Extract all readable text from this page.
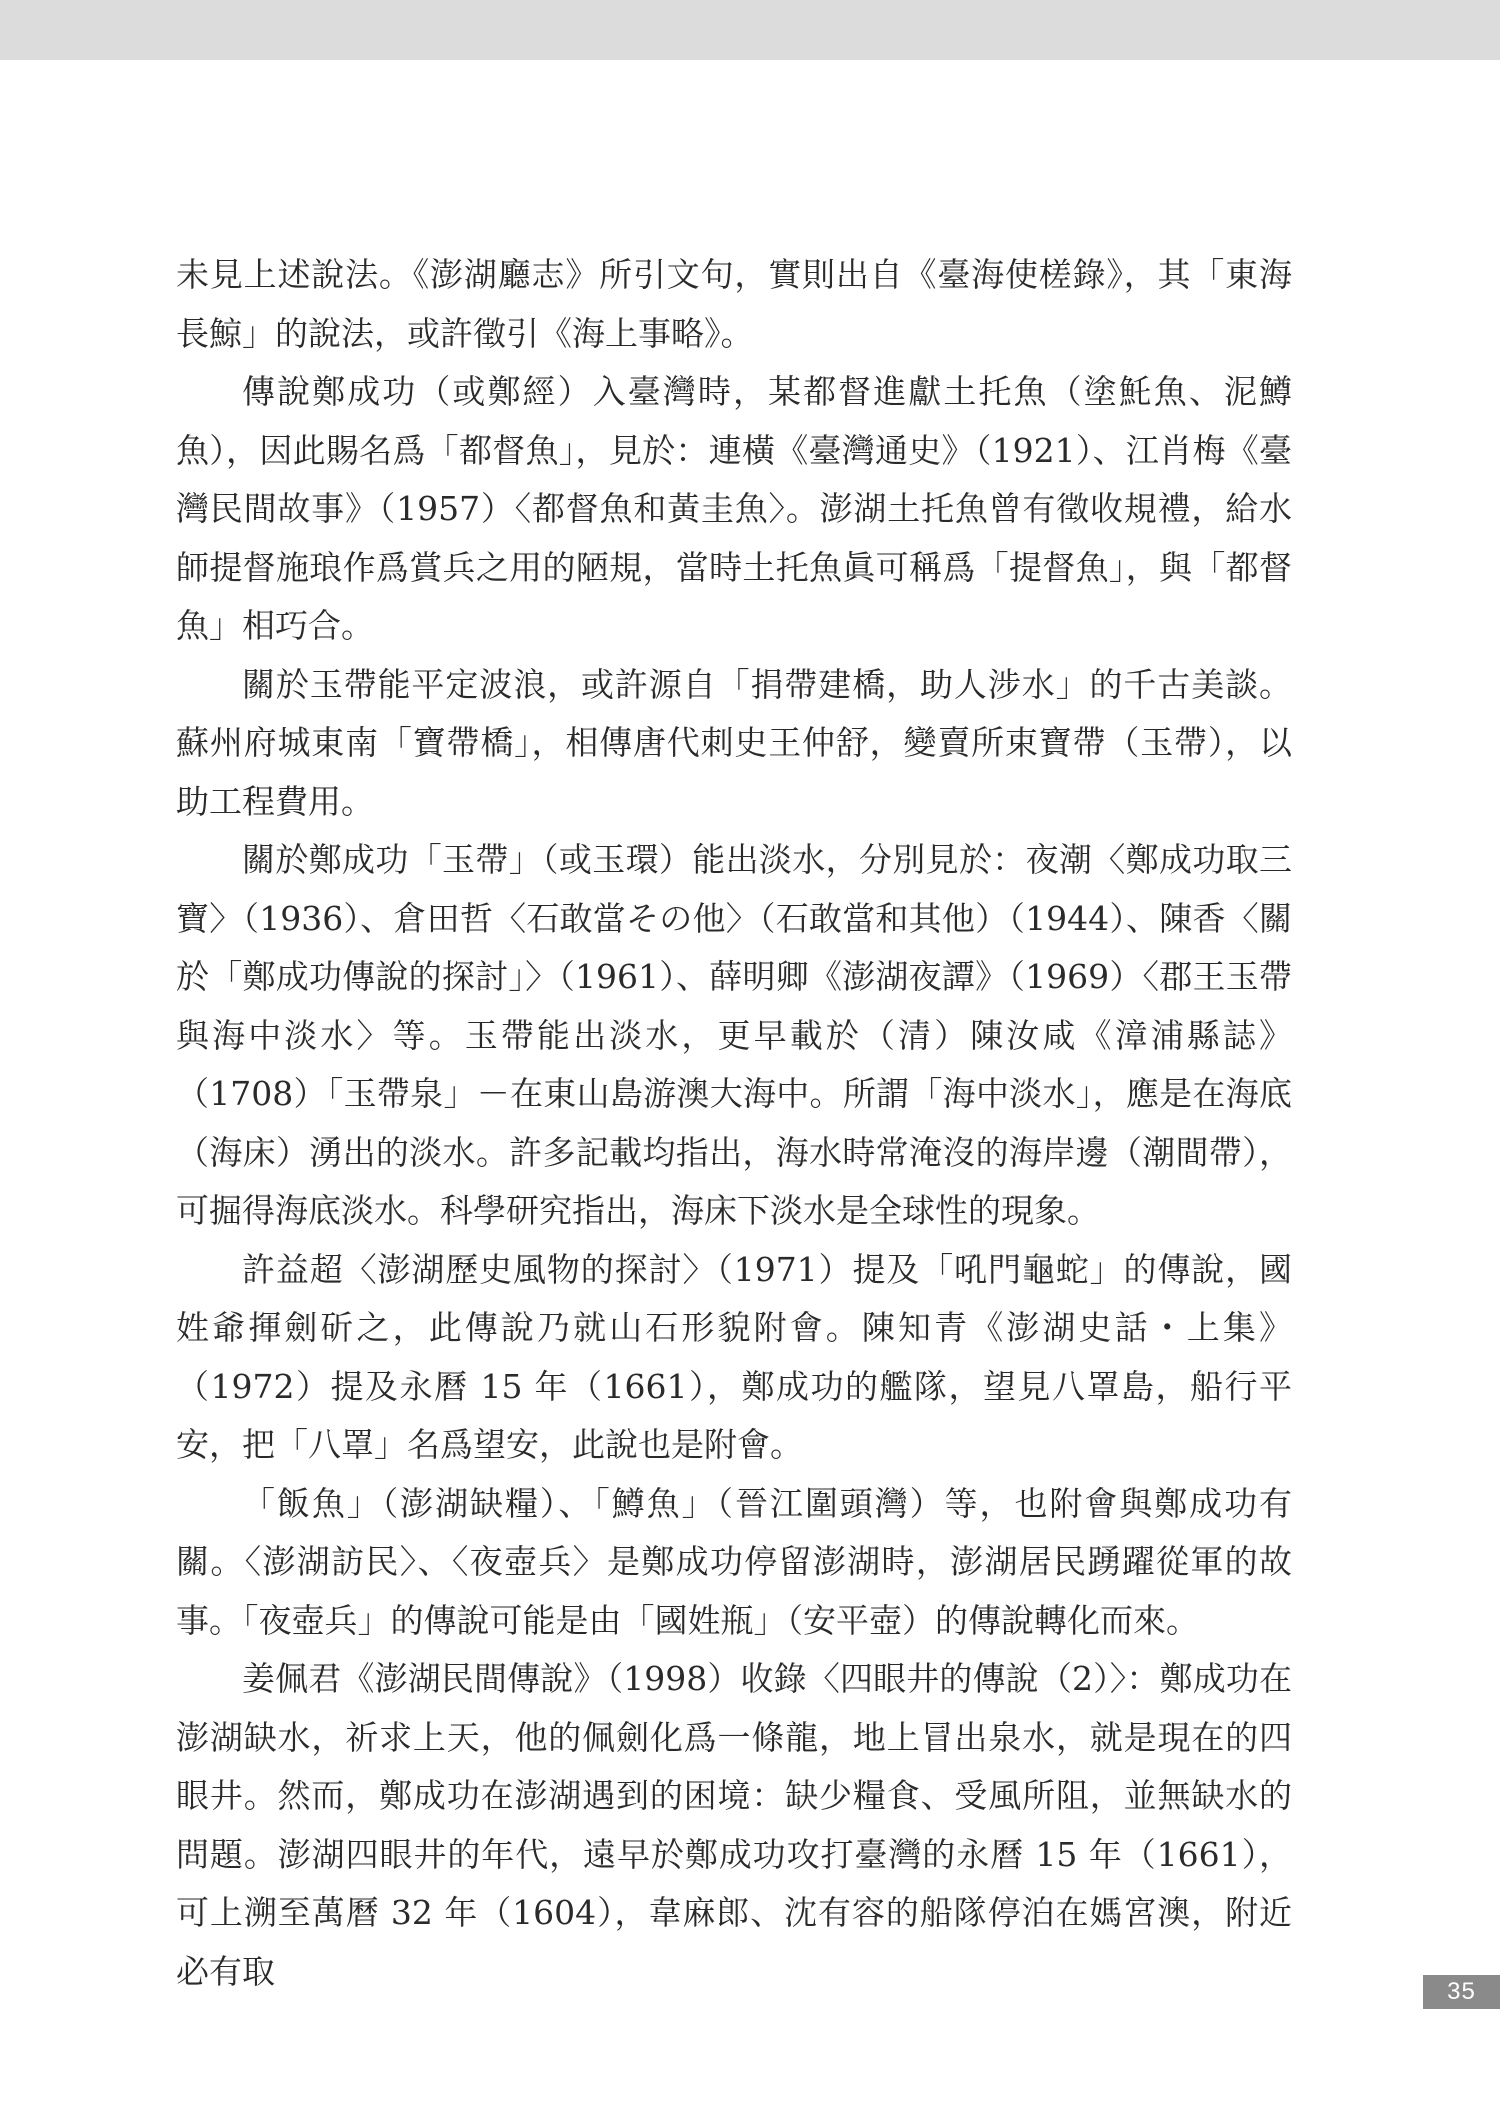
未見上述說法。《澎湖廳志》所引文句，實則出自《臺海使槎錄》，其「東海長鯨」的說法，或許徵引《海上事略》。

傳說鄭成功（或鄭經）入臺灣時，某都督進獻土托魚（塗魠魚、泥鱒魚），因此賜名爲「都督魚」，見於：連橫《臺灣通史》（1921）、江肖梅《臺灣民間故事》（1957）〈都督魚和黃圭魚〉。澎湖土托魚曾有徵收規禮，給水師提督施琅作爲賞兵之用的陋規，當時土托魚眞可稱爲「提督魚」，與「都督魚」相巧合。

關於玉帶能平定波浪，或許源自「捐帶建橋，助人涉水」的千古美談。蘇州府城東南「寶帶橋」，相傳唐代刺史王仲舒，變賣所束寶帶（玉帶），以助工程費用。

關於鄭成功「玉帶」（或玉環）能出淡水，分別見於：夜潮〈鄭成功取三寶〉（1936）、倉田哲〈石敢當その他〉（石敢當和其他）（1944）、陳香〈關於「鄭成功傳說的探討」〉（1961）、薛明卿《澎湖夜譚》（1969）〈郡王玉帶與海中淡水〉等。玉帶能出淡水，更早載於（清）陳汝咸《漳浦縣誌》（1708）「玉帶泉」－在東山島游澳大海中。所謂「海中淡水」，應是在海底（海床）湧出的淡水。許多記載均指出，海水時常淹沒的海岸邊（潮間帶），可掘得海底淡水。科學研究指出，海床下淡水是全球性的現象。

許益超〈澎湖歷史風物的探討〉（1971）提及「吼門龜蛇」的傳說，國姓爺揮劍斫之，此傳說乃就山石形貌附會。陳知青《澎湖史話・上集》（1972）提及永曆 15 年（1661），鄭成功的艦隊，望見八罩島，船行平安，把「八罩」名爲望安，此說也是附會。

「飯魚」（澎湖缺糧）、「鱒魚」（晉江圍頭灣）等，也附會與鄭成功有關。〈澎湖訪民〉、〈夜壺兵〉是鄭成功停留澎湖時，澎湖居民踴躍從軍的故事。「夜壺兵」的傳說可能是由「國姓瓶」（安平壺）的傳說轉化而來。

姜佩君《澎湖民間傳說》（1998）收錄〈四眼井的傳說（2）〉：鄭成功在澎湖缺水，祈求上天，他的佩劍化爲一條龍，地上冒出泉水，就是現在的四眼井。然而，鄭成功在澎湖遇到的困境：缺少糧食、受風所阻，並無缺水的問題。澎湖四眼井的年代，遠早於鄭成功攻打臺灣的永曆 15 年（1661），可上溯至萬曆 32 年（1604），韋麻郎、沈有容的船隊停泊在媽宮澳，附近必有取

35
